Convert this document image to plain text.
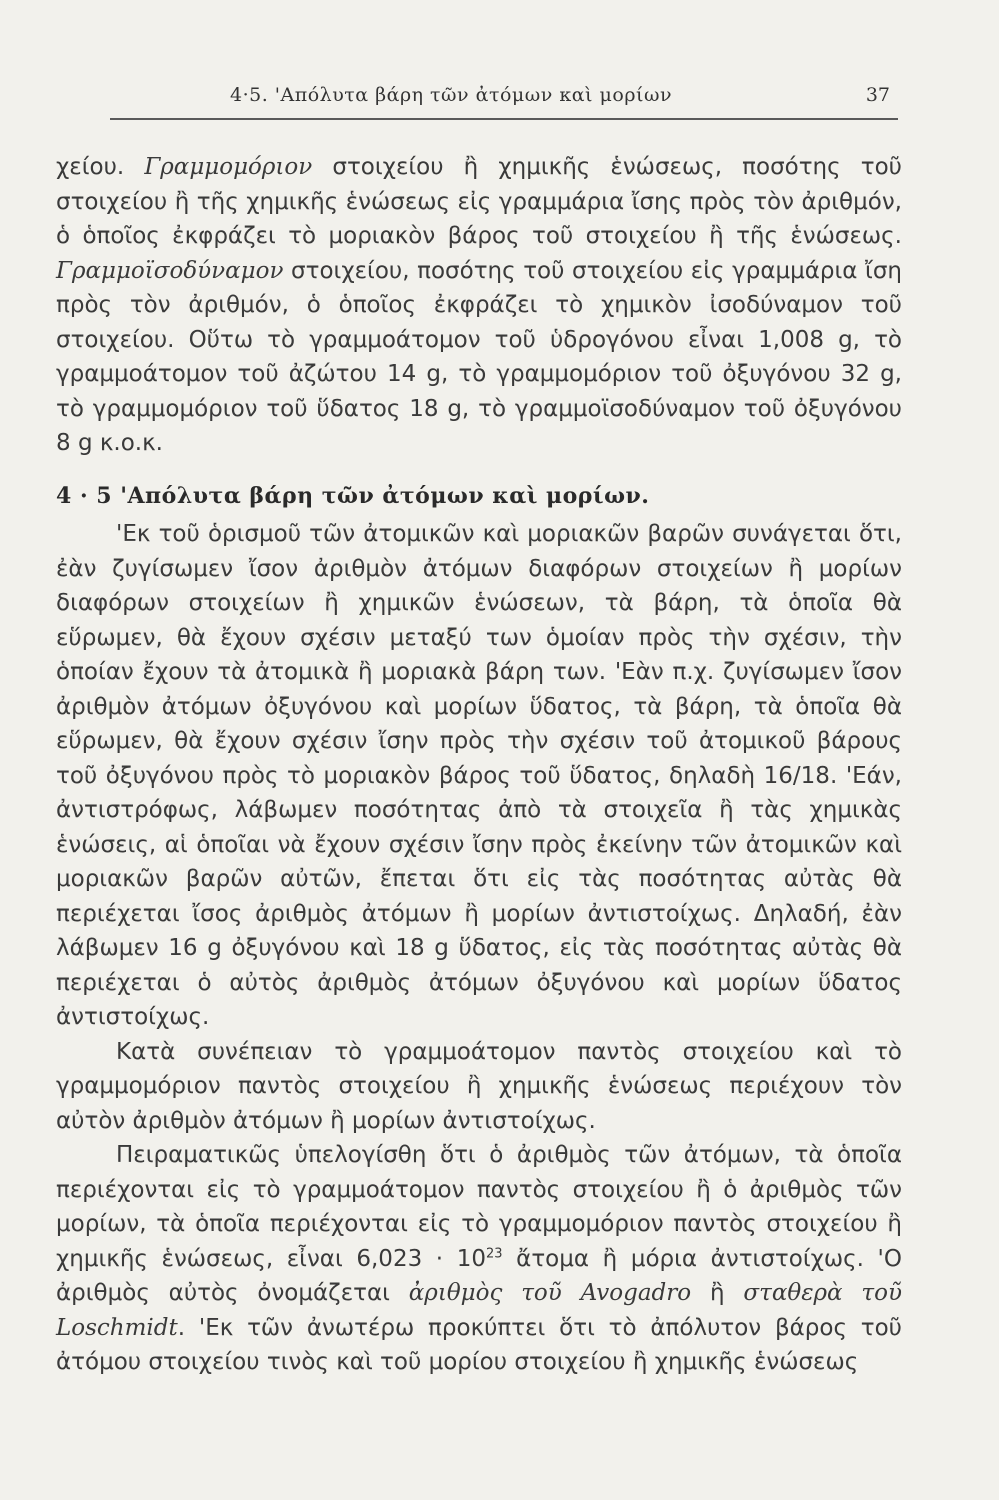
4·5. 'Απόλυτα βάρη τῶν ἀτόμων καὶ μορίων	37

χείου. Γραμμομόριον στοιχείου ἢ χημικῆς ἑνώσεως, ποσότης τοῦ στοιχείου ἢ τῆς χημικῆς ἑνώσεως εἰς γραμμάρια ἴσης πρὸς τὸν ἀριθμόν, ὁ ὁποῖος ἐκφράζει τὸ μοριακὸν βάρος τοῦ στοιχείου ἢ τῆς ἑνώσεως. Γραμμοϊσοδύναμον στοιχείου, ποσότης τοῦ στοιχείου εἰς γραμμάρια ἴση πρὸς τὸν ἀριθμόν, ὁ ὁποῖος ἐκφράζει τὸ χημικὸν ἰσοδύναμον τοῦ στοιχείου. Οὕτω τὸ γραμμοάτομον τοῦ ὑδρογόνου εἶναι 1,008 g, τὸ γραμμοάτομον τοῦ ἀζώτου 14 g, τὸ γραμμομόριον τοῦ ὀξυγόνου 32 g, τὸ γραμμομόριον τοῦ ὕδατος 18 g, τὸ γραμμοϊσοδύναμον τοῦ ὀξυγόνου 8 g κ.ο.κ.

4 · 5 'Απόλυτα βάρη τῶν ἀτόμων καὶ μορίων.

'Εκ τοῦ ὁρισμοῦ τῶν ἀτομικῶν καὶ μοριακῶν βαρῶν συνάγεται ὅτι, ἐὰν ζυγίσωμεν ἴσον ἀριθμὸν ἀτόμων διαφόρων στοιχείων ἢ μορίων διαφόρων στοιχείων ἢ χημικῶν ἑνώσεων, τὰ βάρη, τὰ ὁποῖα θὰ εὕρωμεν, θὰ ἔχουν σχέσιν μεταξύ των ὁμοίαν πρὸς τὴν σχέσιν, τὴν ὁποίαν ἔχουν τὰ ἀτομικὰ ἢ μοριακὰ βάρη των. 'Εὰν π.χ. ζυγίσωμεν ἴσον ἀριθμὸν ἀτόμων ὀξυγόνου καὶ μορίων ὕδατος, τὰ βάρη, τὰ ὁποῖα θὰ εὕρωμεν, θὰ ἔχουν σχέσιν ἴσην πρὸς τὴν σχέσιν τοῦ ἀτομικοῦ βάρους τοῦ ὀξυγόνου πρὸς τὸ μοριακὸν βάρος τοῦ ὕδατος, δηλαδὴ 16/18. 'Εάν, ἀντιστρόφως, λάβωμεν ποσότητας ἀπὸ τὰ στοιχεῖα ἢ τὰς χημικὰς ἑνώσεις, αἱ ὁποῖαι νὰ ἔχουν σχέσιν ἴσην πρὸς ἐκείνην τῶν ἀτομικῶν καὶ μοριακῶν βαρῶν αὐτῶν, ἔπεται ὅτι εἰς τὰς ποσότητας αὐτὰς θὰ περιέχεται ἴσος ἀριθμὸς ἀτόμων ἢ μορίων ἀντιστοίχως. Δηλαδή, ἐὰν λάβωμεν 16 g ὀξυγόνου καὶ 18 g ὕδατος, εἰς τὰς ποσότητας αὐτὰς θὰ περιέχεται ὁ αὐτὸς ἀριθμὸς ἀτόμων ὀξυγόνου καὶ μορίων ὕδατος ἀντιστοίχως.

Κατὰ συνέπειαν τὸ γραμμοάτομον παντὸς στοιχείου καὶ τὸ γραμμομόριον παντὸς στοιχείου ἢ χημικῆς ἑνώσεως περιέχουν τὸν αὐτὸν ἀριθμὸν ἀτόμων ἢ μορίων ἀντιστοίχως.

Πειραματικῶς ὑπελογίσθη ὅτι ὁ ἀριθμὸς τῶν ἀτόμων, τὰ ὁποῖα περιέχονται εἰς τὸ γραμμοάτομον παντὸς στοιχείου ἢ ὁ ἀριθμὸς τῶν μορίων, τὰ ὁποῖα περιέχονται εἰς τὸ γραμμομόριον παντὸς στοιχείου ἢ χημικῆς ἑνώσεως, εἶναι $6,023 \cdot 10^{23}$ ἄτομα ἢ μόρια ἀντιστοίχως. 'Ο ἀριθμὸς αὐτὸς ὀνομάζεται ἀριθμὸς τοῦ Avogadro ἢ σταθερὰ τοῦ Loschmidt. 'Εκ τῶν ἀνωτέρω προκύπτει ὅτι τὸ ἀπόλυτον βάρος τοῦ ἀτόμου στοιχείου τινὸς καὶ τοῦ μορίου στοιχείου ἢ χημικῆς ἑνώσεως
